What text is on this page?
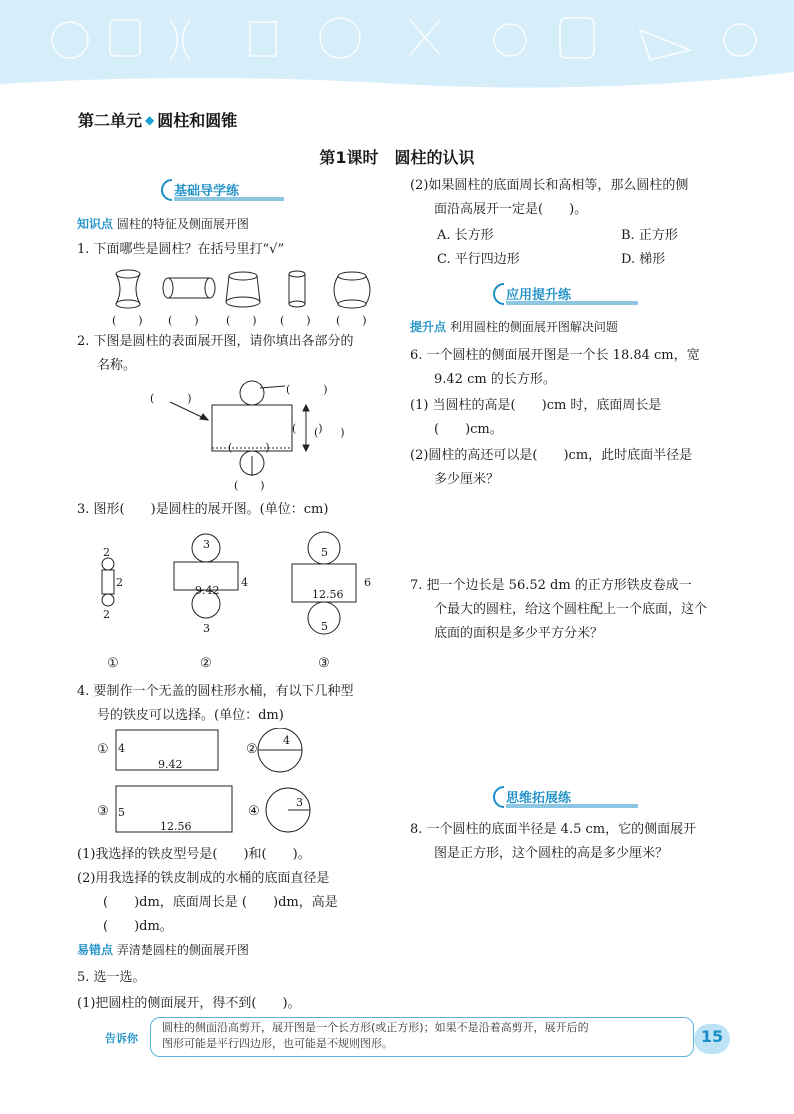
第二单元 ◆ 圆柱和圆锥
第1课时　圆柱的认识
基础导学练
知识点 圆柱的特征及侧面展开图
1. 下面哪些是圆柱？在括号里打“√”
(　　) (　　) (　　) (　　) (　　)
2. 下图是圆柱的表面展开图，请你填出各部分的
名称。
(　　　)
(　　　)
(　　)
(　　　)
(　　)
(　　)
3. 图形(　　)是圆柱的展开图。(单位：cm)
2
2
2
3
9.42
4
3
5
12.56
6
5
①	②	③
4. 要制作一个无盖的圆柱形水桶，有以下几种型
号的铁皮可以选择。(单位：dm)
① 4
9.42
②
4
③ 5
12.56
④
3
(1)我选择的铁皮型号是(　　)和(　　)。
(2)用我选择的铁皮制成的水桶的底面直径是
(　　)dm，底面周长是 (　　)dm，高是
(　　)dm。
易错点 弄清楚圆柱的侧面展开图
5. 选一选。
(1)把圆柱的侧面展开，得不到(　　)。
(2)如果圆柱的底面周长和高相等，那么圆柱的侧
面沿高展开一定是(　　)。
A. 长方形	B. 正方形
C. 平行四边形	D. 梯形
应用提升练
提升点 利用圆柱的侧面展开图解决问题
6. 一个圆柱的侧面展开图是一个长 18.84 cm，宽
9.42 cm 的长方形。
(1) 当圆柱的高是(　　)cm 时，底面周长是
(　　)cm。
(2)圆柱的高还可以是(　　)cm，此时底面半径是
多少厘米？
7. 把一个边长是 56.52 dm 的正方形铁皮卷成一
个最大的圆柱，给这个圆柱配上一个底面，这个
底面的面积是多少平方分米？
思维拓展练
8. 一个圆柱的底面半径是 4.5 cm，它的侧面展开
图是正方形，这个圆柱的高是多少厘米？
告诉你
圆柱的侧面沿高剪开，展开图是一个长方形(或正方形)；如果不是沿着高剪开，展开后的
图形可能是平行四边形，也可能是不规则图形。	15
